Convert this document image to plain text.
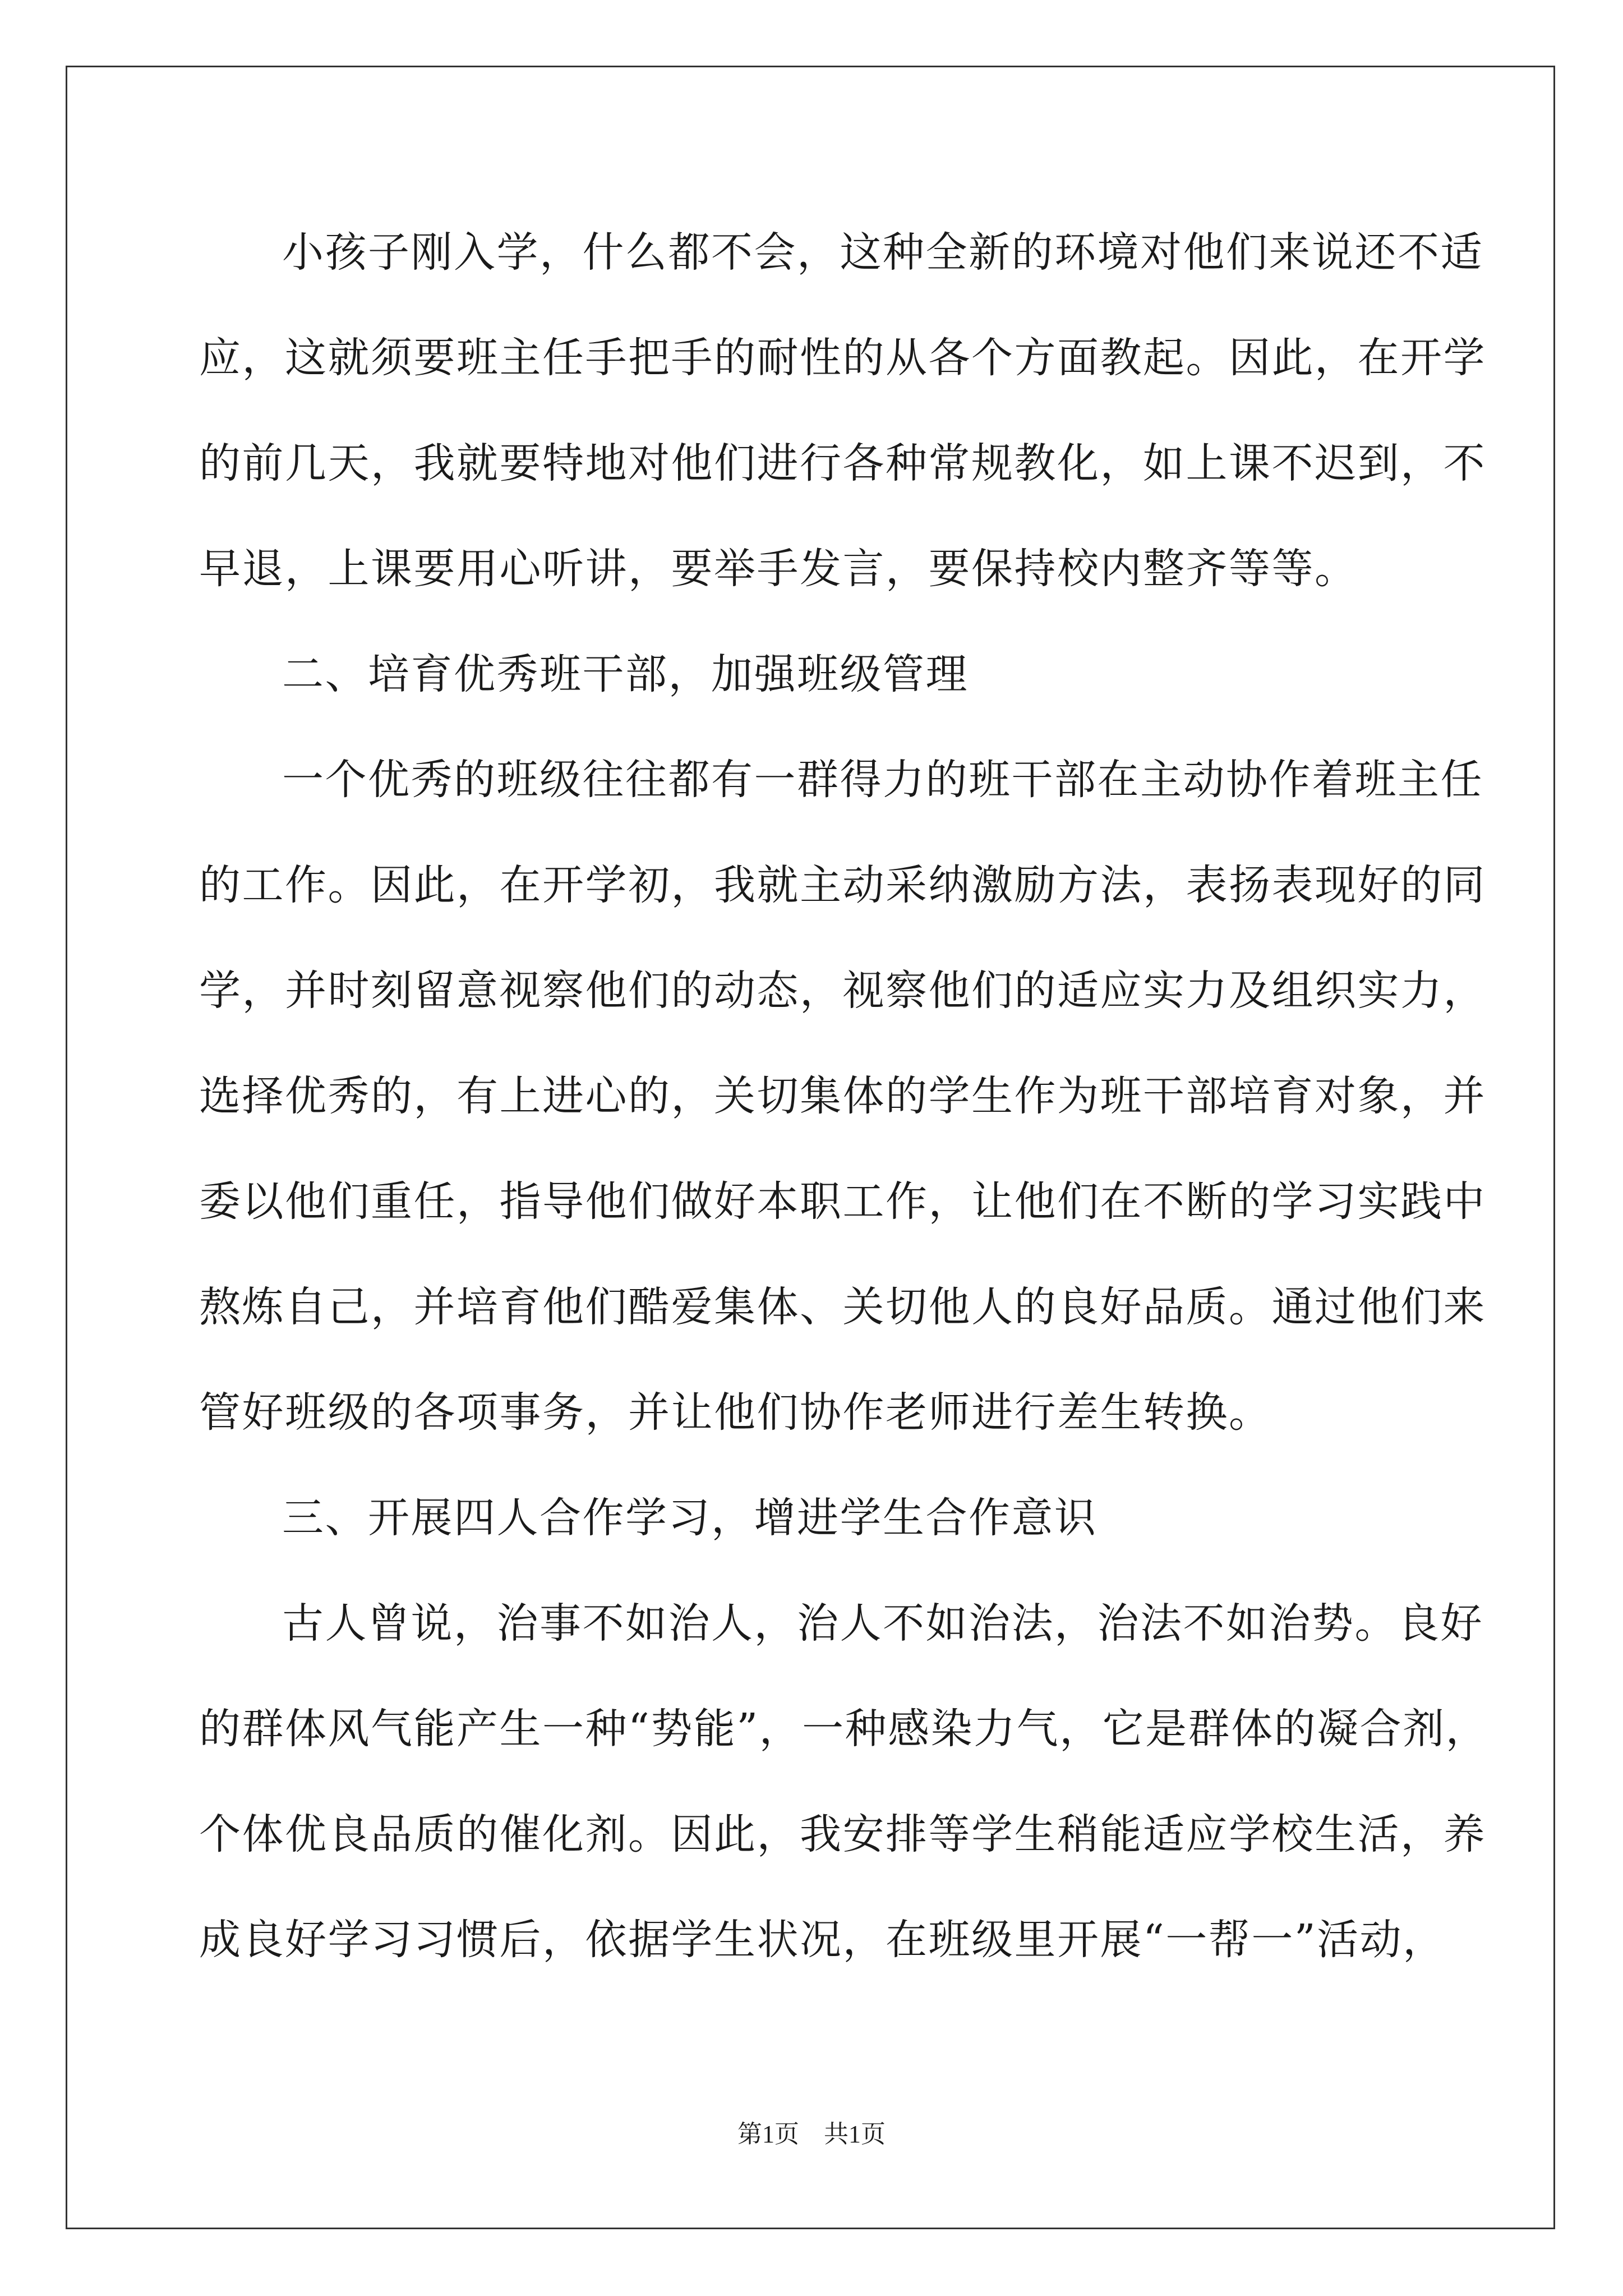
小孩子刚入学，什么都不会，这种全新的环境对他们来说还不适
应，这就须要班主任手把手的耐性的从各个方面教起。因此，在开学
的前几天，我就要特地对他们进行各种常规教化，如上课不迟到，不
早退，上课要用心听讲，要举手发言，要保持校内整齐等等。
二、培育优秀班干部，加强班级管理
一个优秀的班级往往都有一群得力的班干部在主动协作着班主任
的工作。因此，在开学初，我就主动采纳激励方法，表扬表现好的同
学，并时刻留意视察他们的动态，视察他们的适应实力及组织实力，
选择优秀的，有上进心的，关切集体的学生作为班干部培育对象，并
委以他们重任，指导他们做好本职工作，让他们在不断的学习实践中
熬炼自己，并培育他们酷爱集体、关切他人的良好品质。通过他们来
管好班级的各项事务，并让他们协作老师进行差生转换。
三、开展四人合作学习，增进学生合作意识
古人曾说，治事不如治人，治人不如治法，治法不如治势。良好
的群体风气能产生一种“势能”，一种感染力气，它是群体的凝合剂，
个体优良品质的催化剂。因此，我安排等学生稍能适应学校生活，养
成良好学习习惯后，依据学生状况，在班级里开展“一帮一”活动，
第1页 共1页
